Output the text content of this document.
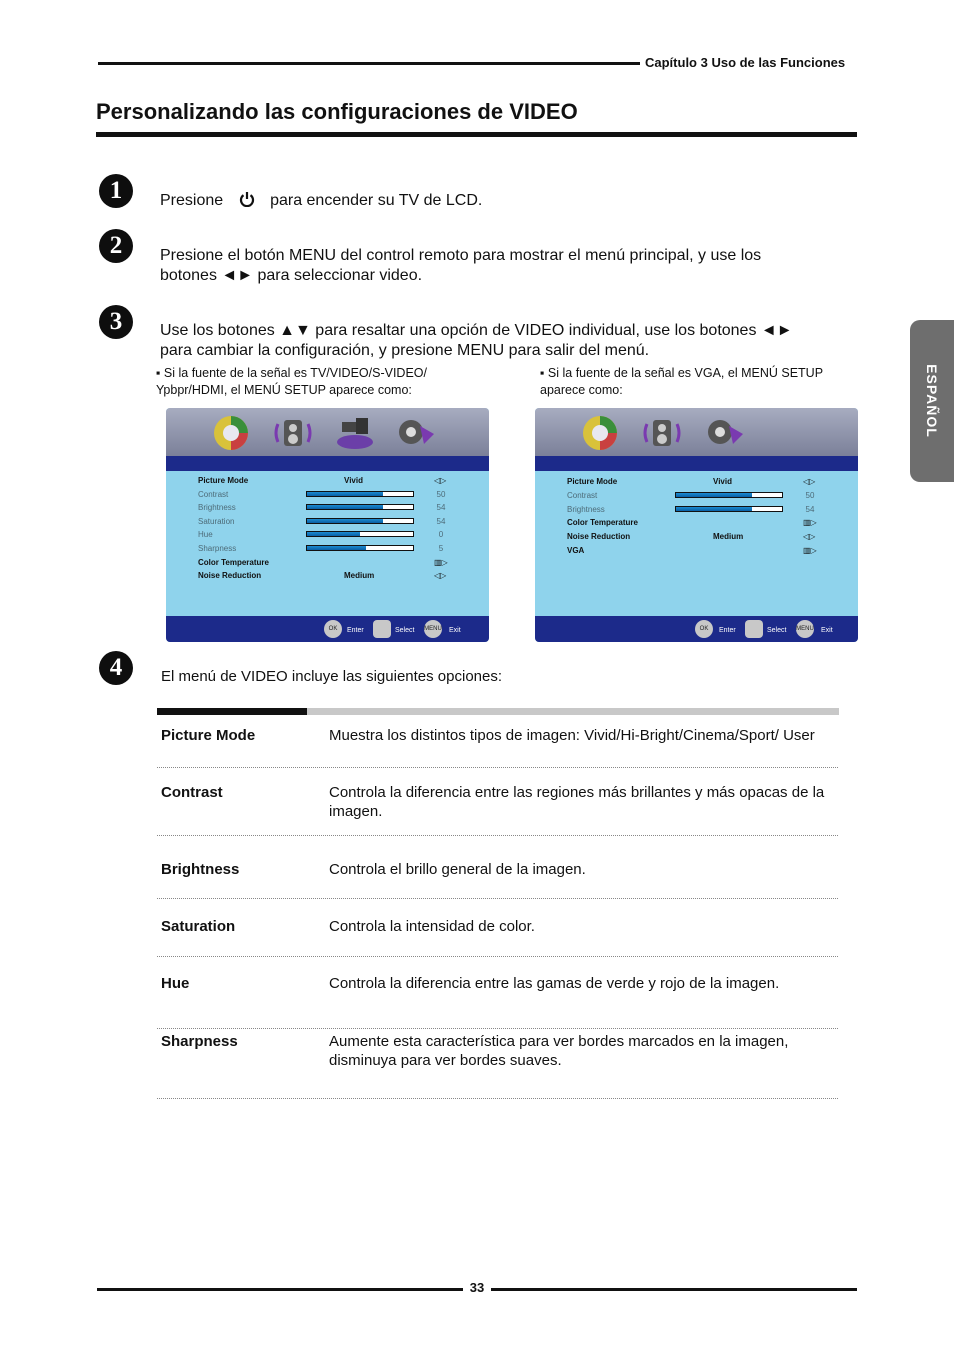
Capítulo 3 Uso de las Funciones
Personalizando las configuraciones de VIDEO
1	Presione	para encender su TV de LCD.
2	Presione el botón MENU del control remoto para mostrar el menú principal, y use los botones ◄► para seleccionar video.
3	Use los botones ▲▼ para resaltar una opción de VIDEO individual, use los botones ◄► para cambiar la configuración, y presione MENU para salir del menú.
▪ Si la fuente de la señal es TV/VIDEO/S-VIDEO/ Ypbpr/HDMI, el MENÚ SETUP aparece como:
▪ Si la fuente de la señal es VGA, el MENÚ SETUP aparece como:
Picture Mode	Vivid	◁▷
Contrast	50
Brightness	54
Saturation	54
Hue	0
Sharpness	5
Color Temperature	▥▷
Noise Reduction	Medium	◁▷
OK	Enter	Select MENU Exit
Picture Mode	Vivid	◁▷
Contrast	50
Brightness	54
Color Temperature	▥▷
Noise Reduction	Medium	◁▷
VGA	▥▷
OK	Enter	Select MENU Exit
4	El menú de VIDEO incluye las siguientes opciones:
Picture Mode	Muestra los distintos tipos de imagen: Vivid/Hi-Bright/Cinema/Sport/ User
Contrast	Controla la diferencia entre las regiones más brillantes y más opacas de la imagen.
Brightness	Controla el brillo general de la imagen.
Saturation	Controla la intensidad de color.
Hue	Controla la diferencia entre las gamas de verde y rojo de la imagen.
Sharpness	Aumente esta característica para ver bordes marcados en la imagen, disminuya para ver bordes suaves.
ESPAÑOL
33
